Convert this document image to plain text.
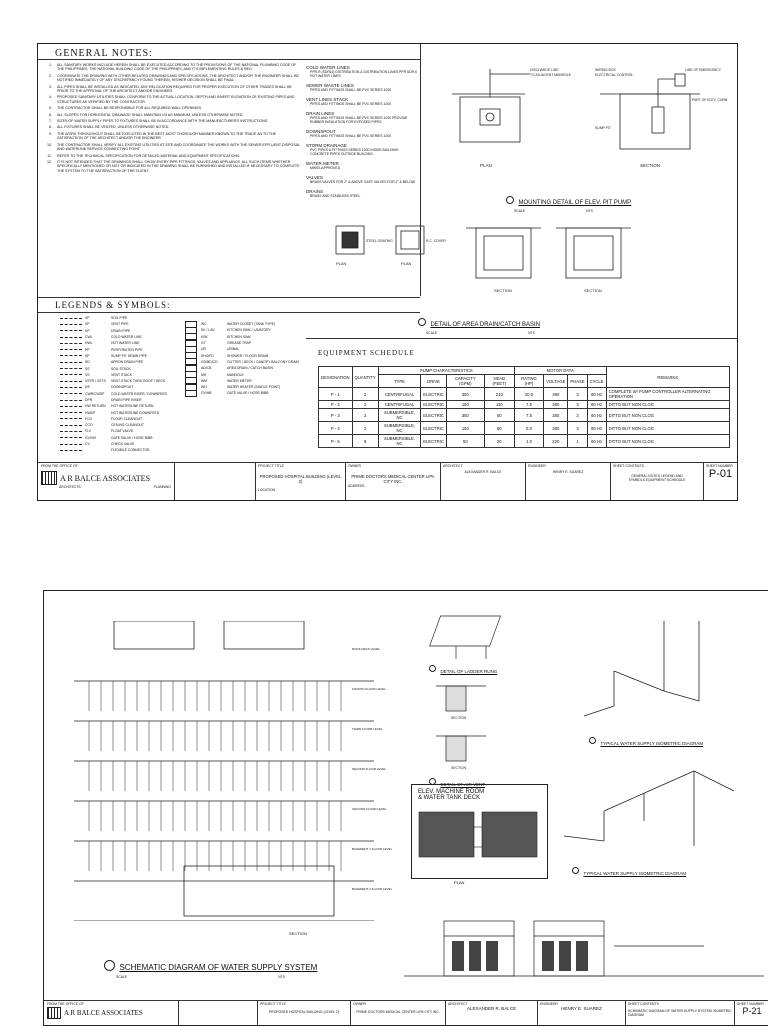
GENERAL NOTES:
1.	ALL SANITARY WORKS INCLUDE HEREIN SHALL BE EXECUTED ACCORDING TO THE PROVISIONS OF THE NATIONAL PLUMBING CODE OF THE PHILIPPINES. THE NATIONAL BUILDING CODE OF THE PHILIPPINES, AND IT'S IMPLEMENTING RULES & REG.
2.	COORDINATE THE DRAWING WITH OTHER RELATED DRAWINGS AND SPECIFICATIONS, THE ARCHITECT AND/OR THE ENGINEER SHALL BE NOTIFIED IMMEDIATELY OF ANY DISCREPANCY FOUND THEREIN, HIS/HER DECISION SHALL BE FINAL.
3.	ALL PIPES SHALL BE INSTALLED AS INDICATED, ANY RELOCATION REQUIRED FOR PROPER EXECUTION OF OTHER TRADES SHALL BE PRIOR TO THE APPROVAL OF THE ARCHITECT AND/OR ENGINEER.
4.	PROPOSED SANITARY UTILITIES SHALL CONFORM TO THE ACTUAL LOCATION, DEPTH AND INVERT ELEVATION OF EXISTING PIPES AND STRUCTURES AS VERIFIED BY THE CONTRACTOR.
5.	THE CONTRACTOR SHALL BE RESPONSIBLE FOR ALL REQUIRED WALL OPENINGS.
6.	ALL SLOPES FOR HORIZONTAL DRAINAGE SHALL MAINTAIN 1% AS MINIMUM, UNLESS OTHERWISE NOTED.
7.	SIZES OF WATER SUPPLY PIPES TO FIXTURES SHALL BE IN ACCORDANCE WITH THE MANUFACTURER'S INSTRUCTIONS.
8.	ALL FIXTURES SHALL BE VENTED, UNLESS OTHERWISE NOTED.
9.	THE WORK THROUGHOUT SHALL BE EXECUTED IN THE BEST MOST THOROUGH MANNER KNOWN TO THE TRADE AN TO THE SATISFACTION OF THE ARCHITECT AND/OR THE ENGINEER.
10.	THE CONTRACTOR SHALL VERIFY ALL EXISTING UTILITIES AT SITE AND COORDINATE THE WORKS WITH THE SEWER EFFLUENT DISPOSAL AND WATERLINE SERVICE CONNECTING POINT.
11.	REFER TO THE TECHNICAL SPECIFICATION FOR DETAILED MATERIAL AND EQUIPMENT SPECIFICATIONS.
12.	IT IS NOT INTENDED THAT THE DRAWINGS SHALL SHOW EVERY PIPE FITTINGS, VALVES AND APPLIANCE. ALL SUCH ITEMS WHETHER SPECIFICALLY MENTIONED OR NOT OR INDICATED IN THE DRAWING SHALL BE FURNISHED AND INSTALLED IF NECESSARY TO COMPLETE THE SYSTEM TO THE SATISFACTION OF THE CLIENT.
COLD WATER LINES
PPR-R (SDR11) DISTRIBUTION & DISTRIBUTION LINES PPR SDR 6 HOT WATER LINES
SEWER WASTE LINES
PIPES AND FITTINGS SHALL BE PVC SERIES 1000
VENT LINES STACK
PIPES AND FITTINGS SHALL BE PVC SERIES 1000
DRAIN LINES
PIPES AND FITTINGS SHALL BE PVC SERIES 1000 PROVIDE RUBBER INSULATION FOR EXPOSED PIPES
DOWNSPOUT
PIPES AND FITTINGS SHALL BE PVC SERIES 1000
STORM DRAINAGE
PVC PIPES & FITTINGS SERIES 1000 INSIDE BUILDING CONCRETE PIPES OUTSIDE BUILDING
WATER METER
MWSS APPROVED
VALVES
BRASS VALVES FOR 2" & ABOVE GATE VALVES FOR 2" & BELOW
DRAINS
BRASS AND STAINLESS STEEL
LEGENDS & SYMBOLS:
SP	SOIL PIPE
VP	VENT PIPE
DP	DRAIN PIPE
CWL	COLD WATER LINE
HWL	HOT WATER LINE
PP	PERFORATED PIPE
SP	SUMP PIT DRAIN PIPE
SD	APRON DRAIN PIPE
SS	SOIL STACK
VS	VENT STACK
VSTR / VSTS	VENT STACK THRU ROOF / DECK
DS	DOWNSPOUT
CWR/CWDP	COLD WATER RISER / DOWNFEED
DPR	DRAIN PIPE RISER
HW RETURN	HOT WATERLINE RETURN
HWDP	HOT WATERLINE DOWNFEED
FCO	FLOOR CLEANOUT
CCO	CEILING CLEANOUT
FLV	FLOAT VALVE
GV/GH	GATE VALVE / HOSE BIBB
CV	CHECK VALVE
FLEXIBLE CONNECTOR
WC	WATER CLOSET (TANK TYPE)
SK / LAV	KITCHEN SINK / LAVATORY
KSK	KITCHEN SINK
GT	GREASE TRAP
UR	URINAL
SHO/FD	SHOWER / FLOOR DRAIN
GD/BD/CD	GUTTER / DECK / CANOPY BALCONY DRAIN
AD/CB	AREA DRAIN / CATCH BASIN
MH	MANHOLE
WM	WATER METER
WH	WATER HEATER (SINGLE POINT)
GV/HB	GATE VALVE / HOSE BIBB
DISCHARGE LINE
TO ADJACENT MANHOLE
WIRING BOX
ELECTRICAL CONTROL
LINE OF EMERGENCY
PART OF ELEV. CURB
SUMP PIT
PLAN	SECTION
MOUNTING DETAIL OF ELEV. PIT PUMP
SCALE	NTS
STEEL GRATING	R.C. COVER
PLAN	PLAN
SECTION	SECTION
DETAIL OF AREA DRAIN/CATCH BASIN
SCALE	NTS
EQUIPMENT SCHEDULE
DESIGNATION	QUANTITY	PUMP CHARACTERISTICS				MOTOR DATA				REMARKS
		TYPE	DRIVE	CAPACITY (GPM)	HEAD (FEET)	RATING (HP)	VOLTAGE	PHASE	CYCLE	
P - 1	2	CENTRIFUGAL	ELECTRIC	350	210	20.0	380	3	60 Hz	COMPLETE W/ PUMP CONTROLLER ALTERNATING OPERATION
P - 2	2	CENTRIFUGAL	ELECTRIC	150	110	7.5	380	3	60 Hz	DITTO BUT NON CLOG
P - 3	2	SUBMERSIBLE, NC	ELECTRIC	350	50	7.5	380	3	60 Hz	DITTO BUT NON CLOG
P - 4	2	SUBMERSIBLE, NC	ELECTRIC	150	50	5.0	380	3	60 Hz	DITTO BUT NON CLOG
P - 5	8	SUBMERSIBLE, NC	ELECTRIC	50	20	1.0	220	1	60 Hz	DITTO BUT NON CLOG
FROM THE OFFICE OF
A R BALCE ASSOCIATES
ARCHITECTS	PLANNING
PROJECT TITLE
PROPOSED HOSPITAL BUILDING (LEVEL 2)
LOCATION
OWNER
PRIME DOCTORS MEDICAL CENTER LIPA CITY INC.
ADDRESS
ARCHITECT
ALEXANDER R. BALCE
ENGINEER
HENRY E. SUAREZ
SHEET CONTENTS
GENERAL NOTES LEGEND AND SYMBOLS EQUIPMENT SCHEDULE
SHEET NUMBER
P-01
ROOF DECK LEVEL
FOURTH FLOOR LEVEL
THIRD FLOOR LEVEL
SECOND FLOOR LEVEL
GROUND FLOOR LEVEL
BASEMENT 1 FLOOR LEVEL
BASEMENT 2 FLOOR LEVEL
SECTION
SCHEMATIC DIAGRAM OF WATER SUPPLY SYSTEM
SCALE	NTS
SECTION
SECTION
DETAIL OF LADDER RUNG
DETAIL OF AIR VENT
ELEV. MACHINE ROOM
& WATER TANK DECK
PLAN
TYPICAL WATER SUPPLY ISOMETRIC DIAGRAM
TYPICAL WATER SUPPLY ISOMETRIC DIAGRAM
FROM THE OFFICE OF
A R BALCE ASSOCIATES
PROJECT TITLE
PROPOSED HOSPITAL BUILDING (LEVEL 2)
OWNER
PRIME DOCTORS MEDICAL CENTER LIPA CITY INC.
ARCHITECT
ALEXANDER R. BALCE
ENGINEER
HENRY E. SUAREZ
SHEET CONTENTS
SCHEMATIC DIAGRAM OF WATER SUPPLY SYSTEM ISOMETRIC DIAGRAM
SHEET NUMBER
P-21
